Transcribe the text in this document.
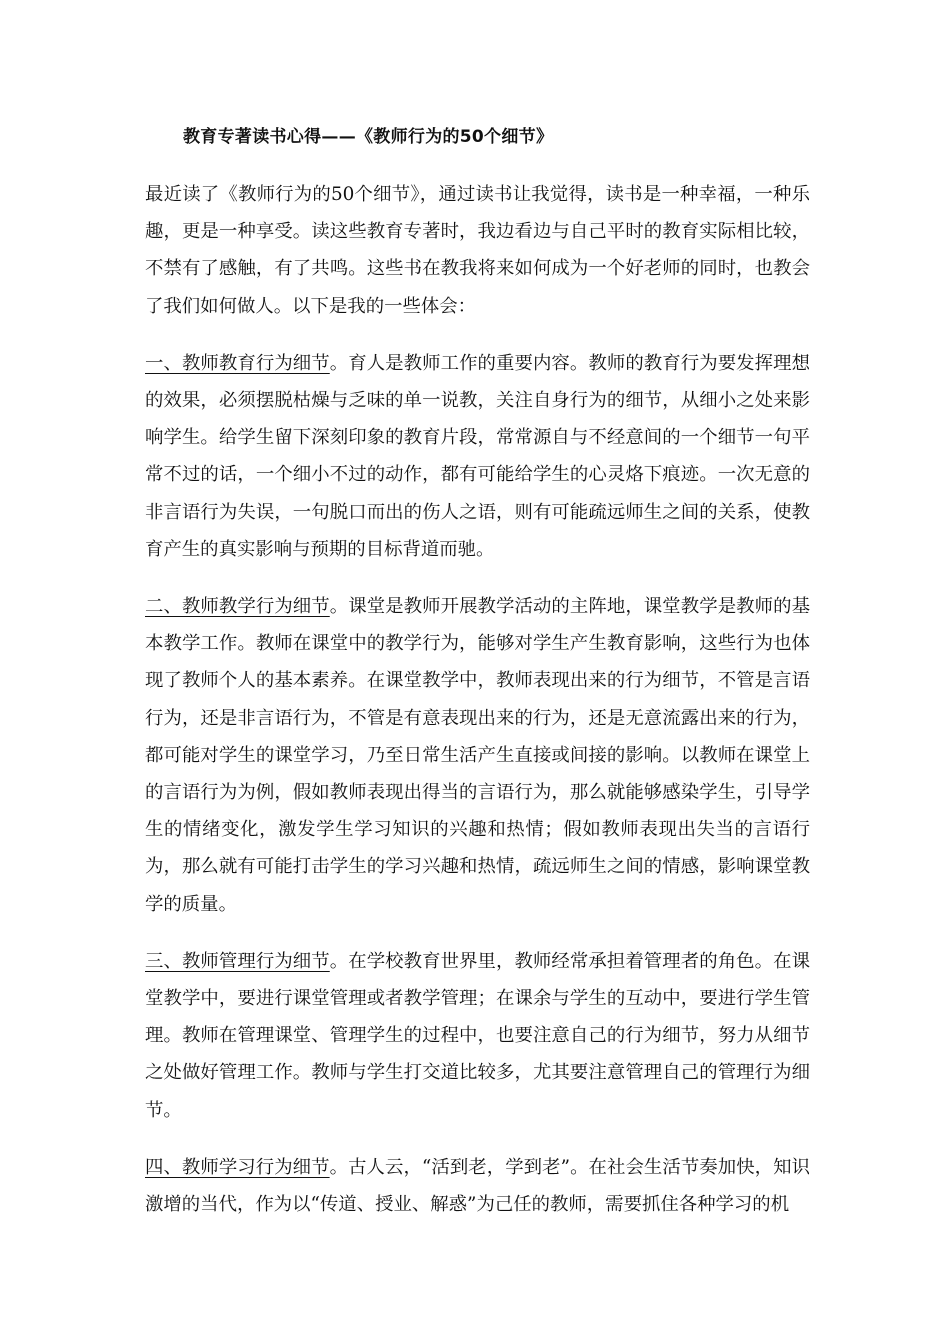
教育专著读书心得——《教师行为的50个细节》

最近读了《教师行为的50个细节》，通过读书让我觉得，读书是一种幸福，一种乐趣，更是一种享受。读这些教育专著时，我边看边与自己平时的教育实际相比较，不禁有了感触，有了共鸣。这些书在教我将来如何成为一个好老师的同时，也教会了我们如何做人。以下是我的一些体会：

一、教师教育行为细节。育人是教师工作的重要内容。教师的教育行为要发挥理想的效果，必须摆脱枯燥与乏味的单一说教，关注自身行为的细节，从细小之处来影响学生。给学生留下深刻印象的教育片段，常常源自与不经意间的一个细节一句平常不过的话，一个细小不过的动作，都有可能给学生的心灵烙下痕迹。一次无意的非言语行为失误，一句脱口而出的伤人之语，则有可能疏远师生之间的关系，使教育产生的真实影响与预期的目标背道而驰。

二、教师教学行为细节。课堂是教师开展教学活动的主阵地，课堂教学是教师的基本教学工作。教师在课堂中的教学行为，能够对学生产生教育影响，这些行为也体现了教师个人的基本素养。在课堂教学中，教师表现出来的行为细节，不管是言语行为，还是非言语行为，不管是有意表现出来的行为，还是无意流露出来的行为，都可能对学生的课堂学习，乃至日常生活产生直接或间接的影响。以教师在课堂上的言语行为为例，假如教师表现出得当的言语行为，那么就能够感染学生，引导学生的情绪变化，激发学生学习知识的兴趣和热情；假如教师表现出失当的言语行为，那么就有可能打击学生的学习兴趣和热情，疏远师生之间的情感，影响课堂教学的质量。

三、教师管理行为细节。在学校教育世界里，教师经常承担着管理者的角色。在课堂教学中，要进行课堂管理或者教学管理；在课余与学生的互动中，要进行学生管理。教师在管理课堂、管理学生的过程中，也要注意自己的行为细节，努力从细节之处做好管理工作。教师与学生打交道比较多，尤其要注意管理自己的管理行为细节。

四、教师学习行为细节。古人云，“活到老，学到老”。在社会生活节奏加快，知识激增的当代，作为以“传道、授业、解惑”为己任的教师，需要抓住各种学习的机
